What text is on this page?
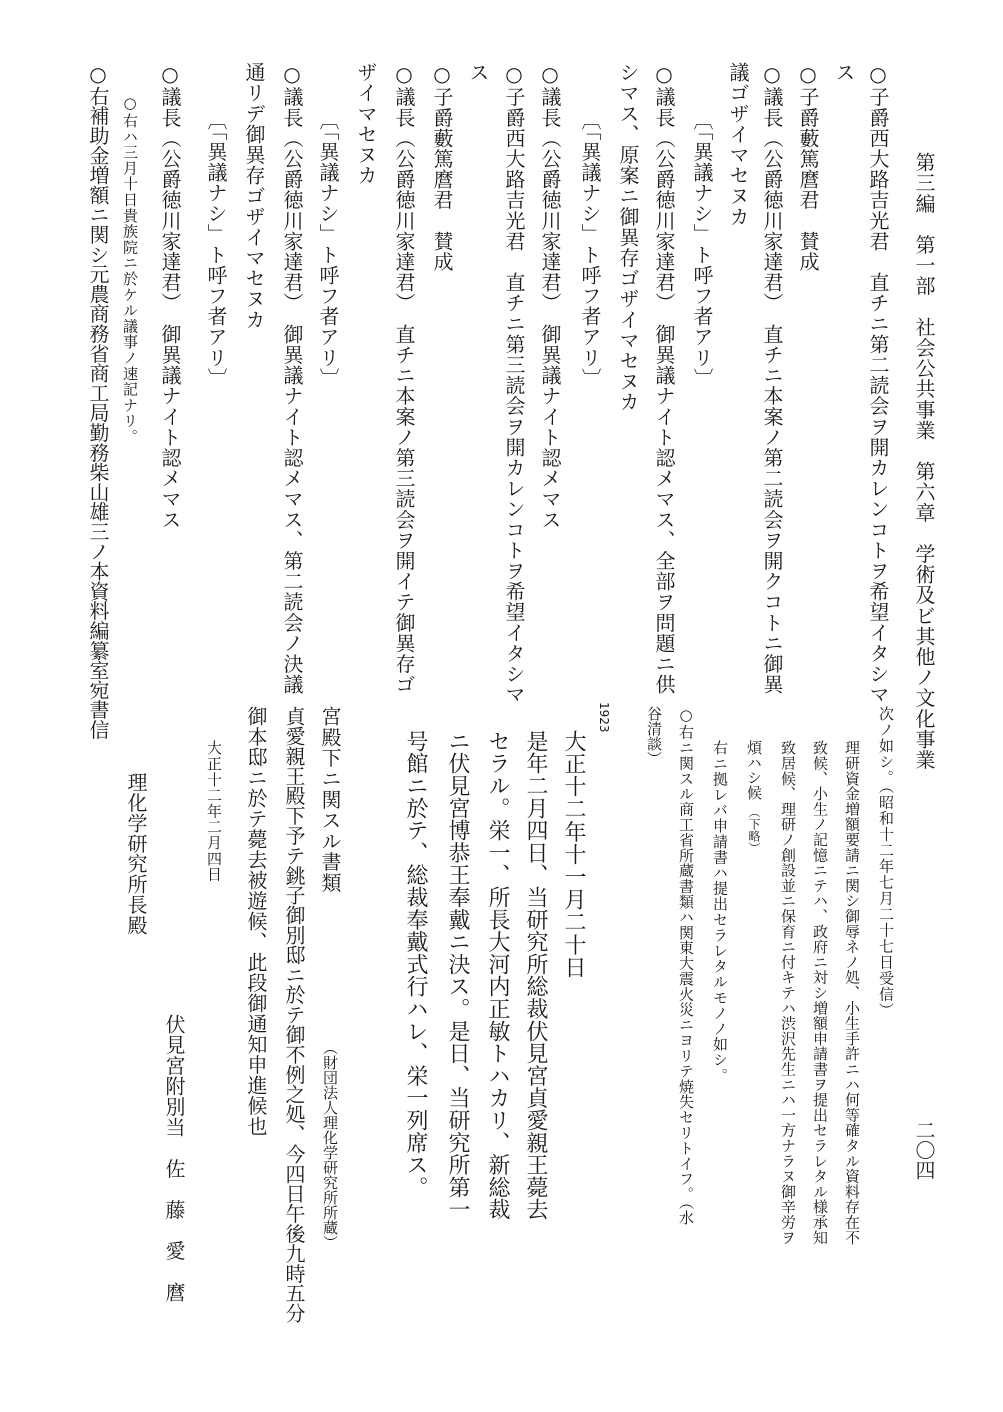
第三編　第一部　社会公共事業　第六章　学術及ビ其他ノ文化事業
二〇四
○子爵西大路吉光君　直チニ第二読会ヲ開カレンコトヲ希望イタシマ
ス
○子爵藪篤麿君　賛成
○議長（公爵徳川家達君）　直チニ本案ノ第二読会ヲ開クコトニ御異
議ゴザイマセヌカ
〔「異議ナシ」ト呼フ者アリ〕
○議長（公爵徳川家達君）　御異議ナイト認メマス、全部ヲ問題ニ供
シマス、原案ニ御異存ゴザイマセヌカ
〔「異議ナシ」ト呼フ者アリ〕
○議長（公爵徳川家達君）　御異議ナイト認メマス
○子爵西大路吉光君　直チニ第三読会ヲ開カレンコトヲ希望イタシマ
ス
○子爵藪篤麿君　賛成
○議長（公爵徳川家達君）　直チニ本案ノ第三読会ヲ開イテ御異存ゴ
ザイマセヌカ
〔「異議ナシ」ト呼フ者アリ〕
○議長（公爵徳川家達君）　御異議ナイト認メマス、第二読会ノ決議
通リデ御異存ゴザイマセヌカ
〔「異議ナシ」ト呼フ者アリ〕
○議長（公爵徳川家達君）　御異議ナイト認メマス
○右ハ三月十日貴族院ニ於ケル議事ノ速記ナリ。
○右補助金増額ニ関シ元農商務省商工局勤務柴山雄三ノ本資料編纂室宛書信
次ノ如シ。（昭和十二年七月二十七日受信）
理研資金増額要請ニ関シ御辱ネノ処、小生手許ニハ何等確タル資料存在不
致候、小生ノ記憶ニテハ、政府ニ対シ増額申請書ヲ提出セラレタル様承知
致居候、理研ノ創設並ニ保育ニ付キテハ渋沢先生ニハ一方ナラヌ御辛労ヲ
煩ハシ候（下略）
右ニ拠レバ申請書ハ提出セラレタルモノノ如シ。
○右ニ関スル商工省所蔵書類ハ関東大震火災ニヨリテ焼失セリトイフ。（水
谷清談）
1923
大正十二年十一月二十日
是年二月四日、当研究所総裁伏見宮貞愛親王薨去
セラル。栄一、所長大河内正敏トハカリ、新総裁
ニ伏見宮博恭王奉戴ニ決ス。是日、当研究所第一
号館ニ於テ、総裁奉戴式行ハレ、栄一列席ス。
宮殿下ニ関スル書類
（財団法人理化学研究所所蔵）
貞愛親王殿下予テ銚子御別邸ニ於テ御不例之処、今四日午後九時五分
御本邸ニ於テ薨去被遊候、此段御通知申進候也
大正十二年二月四日
伏見宮附別当　佐　藤　愛　麿
理化学研究所長殿
